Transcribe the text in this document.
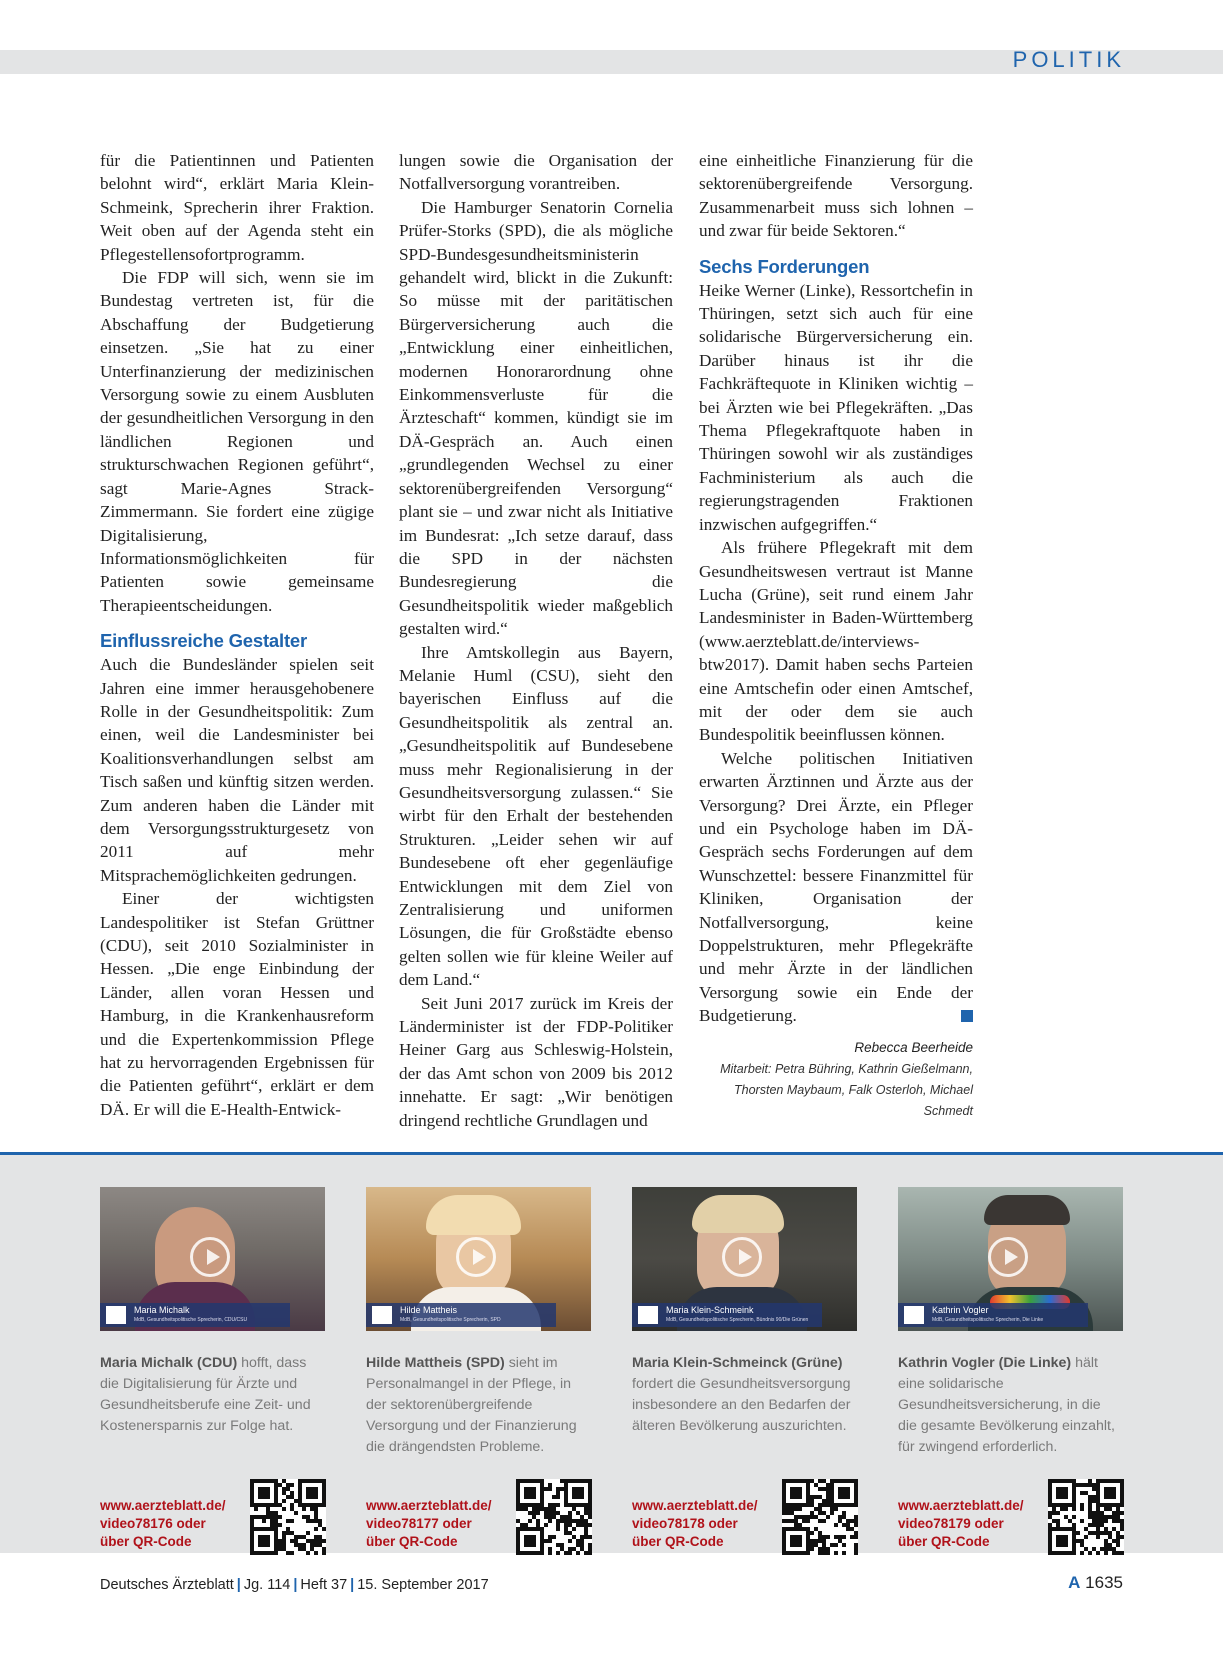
POLITIK

für die Patientinnen und Patienten belohnt wird“, erklärt Maria Klein-Schmeink, Sprecherin ihrer Fraktion. Weit oben auf der Agenda steht ein Pflegestellensofortprogramm.

Die FDP will sich, wenn sie im Bundestag vertreten ist, für die Abschaffung der Budgetierung einsetzen. „Sie hat zu einer Unterfinanzierung der medizinischen Versorgung sowie zu einem Ausbluten der gesundheitlichen Versorgung in den ländlichen Regionen und strukturschwachen Regionen geführt“, sagt Marie-Agnes Strack-Zimmermann. Sie fordert eine zügige Digitalisierung, Informationsmöglichkeiten für Patienten sowie gemeinsame Therapieentscheidungen.

Einflussreiche Gestalter

Auch die Bundesländer spielen seit Jahren eine immer herausgehobenere Rolle in der Gesundheitspolitik: Zum einen, weil die Landesminister bei Koalitionsverhandlungen selbst am Tisch saßen und künftig sitzen werden. Zum anderen haben die Länder mit dem Versorgungsstrukturgesetz von 2011 auf mehr Mitsprachemöglichkeiten gedrungen.

Einer der wichtigsten Landespolitiker ist Stefan Grüttner (CDU), seit 2010 Sozialminister in Hessen. „Die enge Einbindung der Länder, allen voran Hessen und Hamburg, in die Krankenhausreform und die Expertenkommission Pflege hat zu hervorragenden Ergebnissen für die Patienten geführt“, erklärt er dem DÄ. Er will die E-Health-Entwick-

lungen sowie die Organisation der Notfallversorgung vorantreiben.

Die Hamburger Senatorin Cornelia Prüfer-Storks (SPD), die als mögliche SPD-Bundesgesundheitsministerin gehandelt wird, blickt in die Zukunft: So müsse mit der paritätischen Bürgerversicherung auch die „Entwicklung einer einheitlichen, modernen Honorarordnung ohne Einkommensverluste für die Ärzteschaft“ kommen, kündigt sie im DÄ-Gespräch an. Auch einen „grundlegenden Wechsel zu einer sektorenübergreifenden Versorgung“ plant sie – und zwar nicht als Initiative im Bundesrat: „Ich setze darauf, dass die SPD in der nächsten Bundesregierung die Gesundheitspolitik wieder maßgeblich gestalten wird.“

Ihre Amtskollegin aus Bayern, Melanie Huml (CSU), sieht den bayerischen Einfluss auf die Gesundheitspolitik als zentral an. „Gesundheitspolitik auf Bundesebene muss mehr Regionalisierung in der Gesundheitsversorgung zulassen.“ Sie wirbt für den Erhalt der bestehenden Strukturen. „Leider sehen wir auf Bundesebene oft eher gegenläufige Entwicklungen mit dem Ziel von Zentralisierung und uniformen Lösungen, die für Großstädte ebenso gelten sollen wie für kleine Weiler auf dem Land.“

Seit Juni 2017 zurück im Kreis der Länderminister ist der FDP-Politiker Heiner Garg aus Schleswig-Holstein, der das Amt schon von 2009 bis 2012 innehatte. Er sagt: „Wir benötigen dringend rechtliche Grundlagen und

eine einheitliche Finanzierung für die sektorenübergreifende Versorgung. Zusammenarbeit muss sich lohnen – und zwar für beide Sektoren.“

Sechs Forderungen

Heike Werner (Linke), Ressortchefin in Thüringen, setzt sich auch für eine solidarische Bürgerversicherung ein. Darüber hinaus ist ihr die Fachkräftequote in Kliniken wichtig – bei Ärzten wie bei Pflegekräften. „Das Thema Pflegekraftquote haben in Thüringen sowohl wir als zuständiges Fachministerium als auch die regierungstragenden Fraktionen inzwischen aufgegriffen.“

Als frühere Pflegekraft mit dem Gesundheitswesen vertraut ist Manne Lucha (Grüne), seit rund einem Jahr Landesminister in Baden-Württemberg (www.aerzteblatt.de/interviews-btw2017). Damit haben sechs Parteien eine Amtschefin oder einen Amtschef, mit der oder dem sie auch Bundespolitik beeinflussen können.

Welche politischen Initiativen erwarten Ärztinnen und Ärzte aus der Versorgung? Drei Ärzte, ein Pfleger und ein Psychologe haben im DÄ-Gespräch sechs Forderungen auf dem Wunschzettel: bessere Finanzmittel für Kliniken, Organisation der Notfallversorgung, keine Doppelstrukturen, mehr Pflegekräfte und mehr Ärzte in der ländlichen Versorgung sowie ein Ende der Budgetierung.

Rebecca Beerheide

Mitarbeit: Petra Bühring, Kathrin Gießelmann, Thorsten Maybaum, Falk Osterloh, Michael Schmedt

Maria Michalk
MdB, Gesundheitspolitische Sprecherin, CDU/CSU
Maria Michalk (CDU) hofft, dass die Digitalisierung für Ärzte und Gesundheitsberufe eine Zeit- und Kostenersparnis zur Folge hat.
www.aerzteblatt.de/
video78176 oder
über QR-Code
Hilde Mattheis
MdB, Gesundheitspolitische Sprecherin, SPD
Hilde Mattheis (SPD) sieht im Personalmangel in der Pflege, in der sektorenübergreifende Versorgung und der Finanzierung die drängendsten Probleme.
www.aerzteblatt.de/
video78177 oder
über QR-Code
Maria Klein-Schmeink
MdB, Gesundheitspolitische Sprecherin, Bündnis 90/Die Grünen
Maria Klein-Schmeinck (Grüne) fordert die Gesundheitsversorgung insbesondere an den Bedarfen der älteren Bevölkerung auszurichten.
www.aerzteblatt.de/
video78178 oder
über QR-Code
Kathrin Vogler
MdB, Gesundheitspolitische Sprecherin, Die Linke
Kathrin Vogler (Die Linke) hält eine solidarische Gesundheitsversicherung, in die die gesamte Bevölkerung einzahlt, für zwingend erforderlich.
www.aerzteblatt.de/
video78179 oder
über QR-Code
Deutsches Ärzteblatt | Jg. 114 | Heft 37 | 15. September 2017	A 1635
